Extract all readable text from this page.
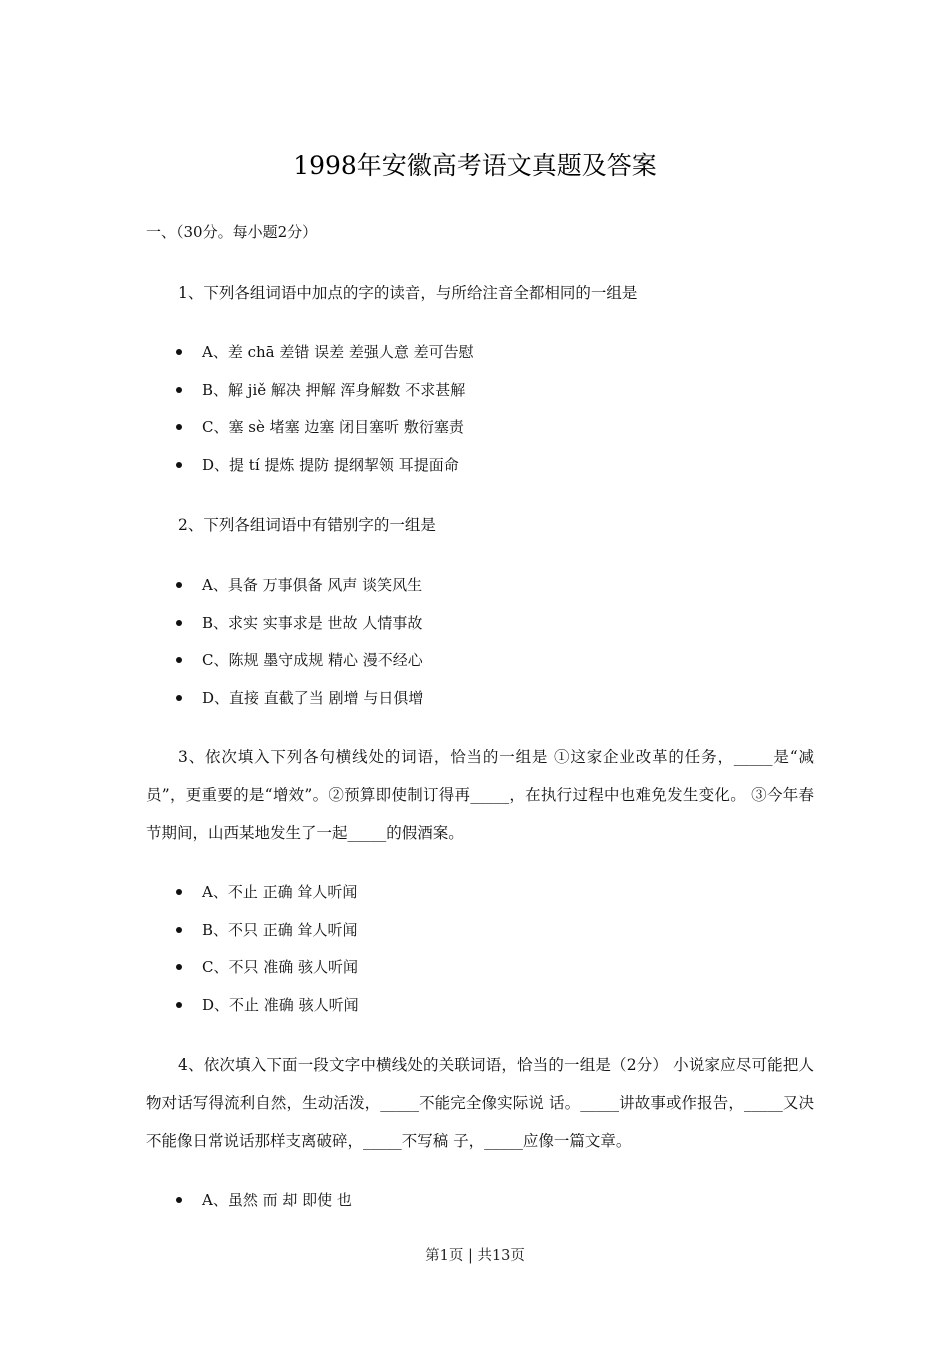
1998年安徽高考语文真题及答案
一、（30分。每小题2分）
1、下列各组词语中加点的字的读音，与所给注音全都相同的一组是
A、差 chā 差错 误差 差强人意 差可告慰
B、解 jiě 解决 押解 浑身解数 不求甚解
C、塞 sè 堵塞 边塞 闭目塞听 敷衍塞责
D、提 tí 提炼 提防 提纲挈领 耳提面命
2、下列各组词语中有错别字的一组是
A、具备 万事俱备 风声 谈笑风生
B、求实 实事求是 世故 人情事故
C、陈规 墨守成规 精心 漫不经心
D、直接 直截了当 剧增 与日俱增

3、依次填入下列各句横线处的词语，恰当的一组是 ①这家企业改革的任务，_____是“减员”，更重要的是“增效”。②预算即使制订得再_____，在执行过程中也难免发生变化。 ③今年春节期间，山西某地发生了一起_____的假酒案。

A、不止 正确 耸人听闻
B、不只 正确 耸人听闻
C、不只 准确 骇人听闻
D、不止 准确 骇人听闻

4、依次填入下面一段文字中横线处的关联词语，恰当的一组是（2分） 小说家应尽可能把人物对话写得流利自然，生动活泼，_____不能完全像实际说 话。_____讲故事或作报告，_____又决不能像日常说话那样支离破碎，_____不写稿 子，_____应像一篇文章。

A、虽然 而 却 即使 也
第1页 | 共13页
